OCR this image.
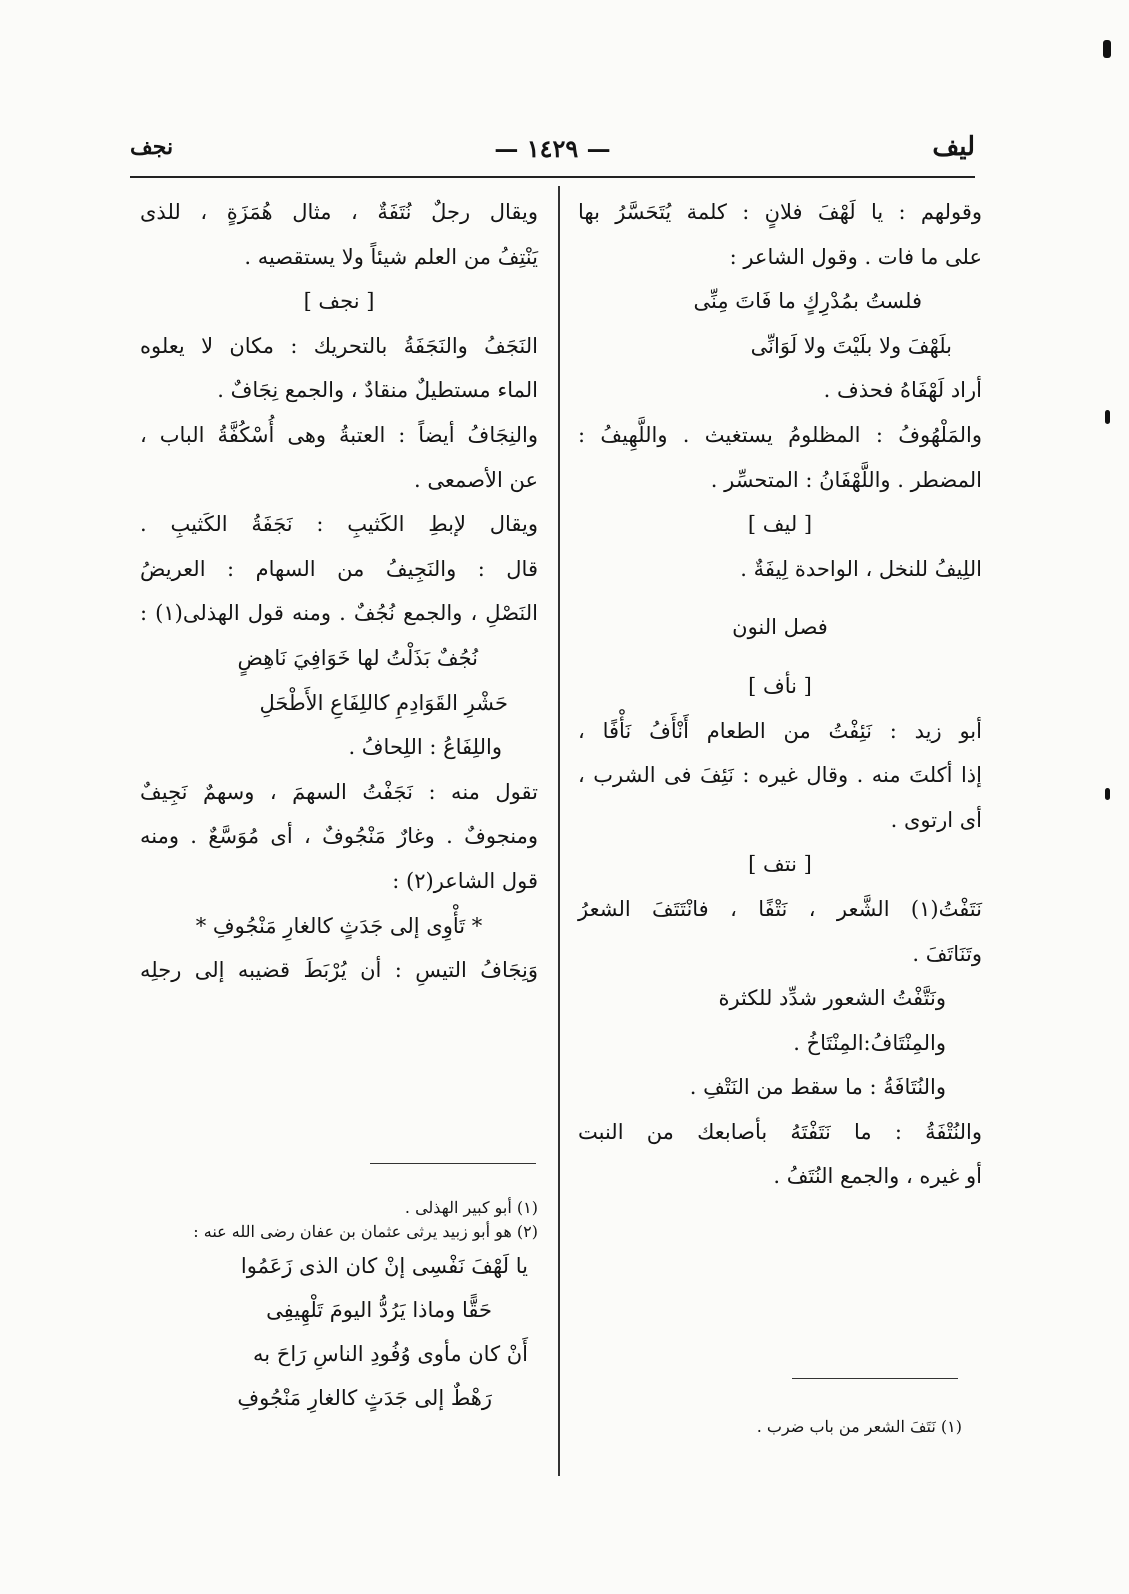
ليف
— ١٤٢٩ —
نجف

وقولهم : يا لَهْفَ فلانٍ : كلمة يُتَحَسَّرُ بها

على ما فات . وقول الشاعر :

فلستُ بمُدْرِكٍ ما فَاتَ مِنِّى

بلَهْفَ ولا بلَيْتَ ولا لَوَانِّى

أراد لَهْفَاهُ فحذف .

والمَلْهُوفُ : المظلومُ يستغيث . واللَّهِيفُ :

المضطر . واللَّهْفَانُ : المتحسِّر .

[ ليف ]

اللِيفُ للنخل ، الواحدة لِيفَةٌ .

فصل النون

[ نأف ]

أبو زيد : نَئِفْتُ من الطعام أَنْأَفُ نَأْفًا ،

إذا أكلتَ منه . وقال غيره : نَئِفَ فى الشرب ،

أى ارتوى .

[ نتف ]

نَتَفْتُ(١) الشَّعر ، نَتْفًا ، فانْتَتَفَ الشعرُ

وتَنَاتَفَ .

ونَتَّفْتُ الشعور شدِّد للكثرة

والمِنْتَافُ:المِنْتَاخُ .

والنُتَافَةُ : ما سقط من النَتْفِ .

والنُتْفَةُ : ما نَتَفْتَهُ بأصابعك من النبت

أو غيره ، والجمع النُتَفُ .

(١) نَتَفَ الشعر من باب ضرب .

ويقال رجلٌ نُتَفَةٌ ، مثال هُمَزَةٍ ، للذى

يَنْتِفُ من العلم شيئاً ولا يستقصيه .

[ نجف ]

النَجَفُ والنَجَفَةُ بالتحريك : مكان لا يعلوه

الماء مستطيلٌ منقادٌ ، والجمع نِجَافٌ .

والنِجَافُ أيضاً : العتبةُ وهى أُسْكُفَّةُ الباب ،

عن الأصمعى .

ويقال لإبطِ الكَثيبِ : نَجَفَةُ الكَثيبِ .

قال : والنَجِيفُ من السهام : العريضُ

النَصْلِ ، والجمع نُجُفٌ . ومنه قول الهذلى(١) :

نُجُفٌ بَذَلْتُ لها خَوَافِيَ نَاهِضٍ

حَشْرِ القَوَادِمِ كاللِفَاعِ الأَطْحَلِ

واللِفَاعُ : اللِحافُ .

تقول منه : نَجَفْتُ السهمَ ، وسهمٌ نَجِيفٌ

ومنجوفٌ . وغارٌ مَنْجُوفٌ ، أى مُوَسَّعٌ . ومنه

قول الشاعر(٢) :

* تَأْوِى إلى جَدَثٍ كالغارِ مَنْجُوفِ *

وَنِجَافُ التيسِ : أن يُرْبَطَ قضيبه إلى رجلِه

(١) أبو كبير الهذلى .
(٢) هو أبو زبيد يرثى عثمان بن عفان رضى الله عنه :
يا لَهْفَ نَفْسِى إنْ كان الذى زَعَمُوا
حَقًّا وماذا يَرُدُّ اليومَ تَلْهِيفِى
أَنْ كان مأوى وُفُودِ الناسِ رَاحَ به
رَهْطٌ إلى جَدَثٍ كالغارِ مَنْجُوفِ
